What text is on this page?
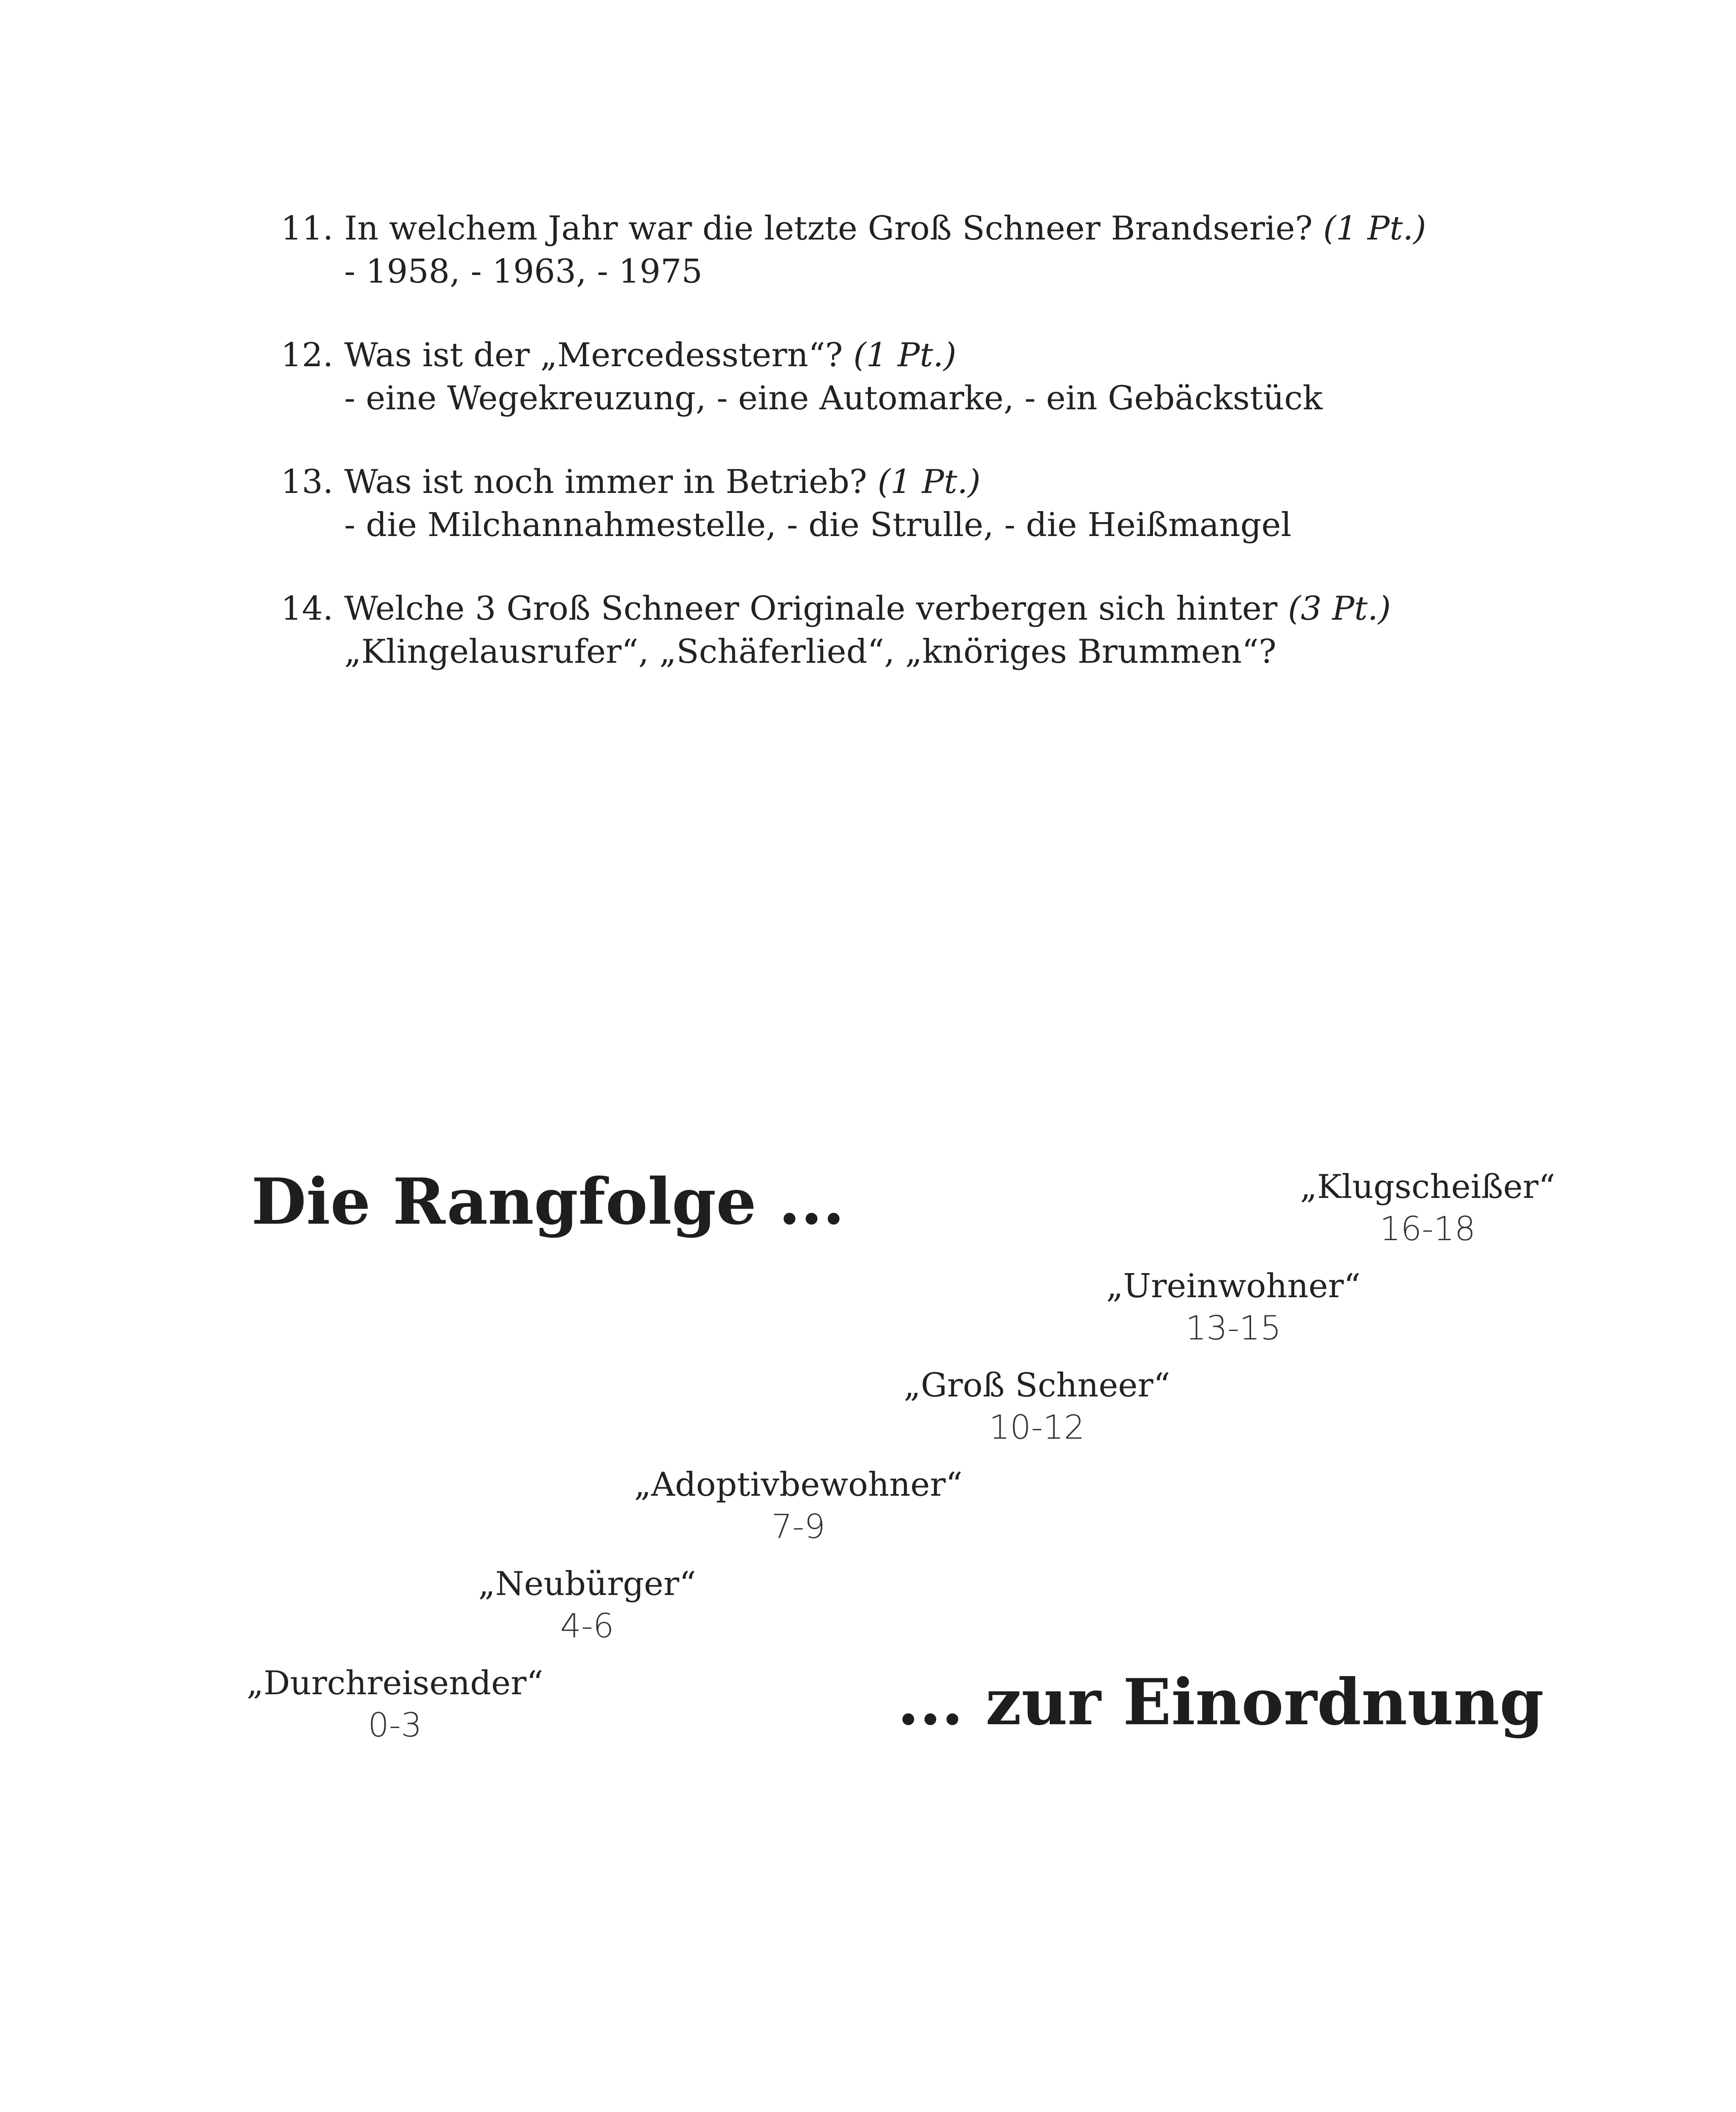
11. In welchem Jahr war die letzte Groß Schneer Brandserie? (1 Pt.)
- 1958, - 1963, - 1975
12. Was ist der „Mercedesstern“? (1 Pt.)
- eine Wegekreuzung, - eine Automarke, - ein Gebäckstück
13. Was ist noch immer in Betrieb? (1 Pt.)
- die Milchannahmestelle, - die Strulle, - die Heißmangel
14. Welche 3 Groß Schneer Originale verbergen sich hinter (3 Pt.)
„Klingelausrufer“, „Schäferlied“, „knöriges Brummen“?
Die Rangfolge ...	„Klugscheißer“
16-18
„Ureinwohner“
13-15
„Groß Schneer“
10-12
„Adoptivbewohner“
7-9
„Neubürger“
4-6
„Durchreisender“
0-3	... zur Einordnung
